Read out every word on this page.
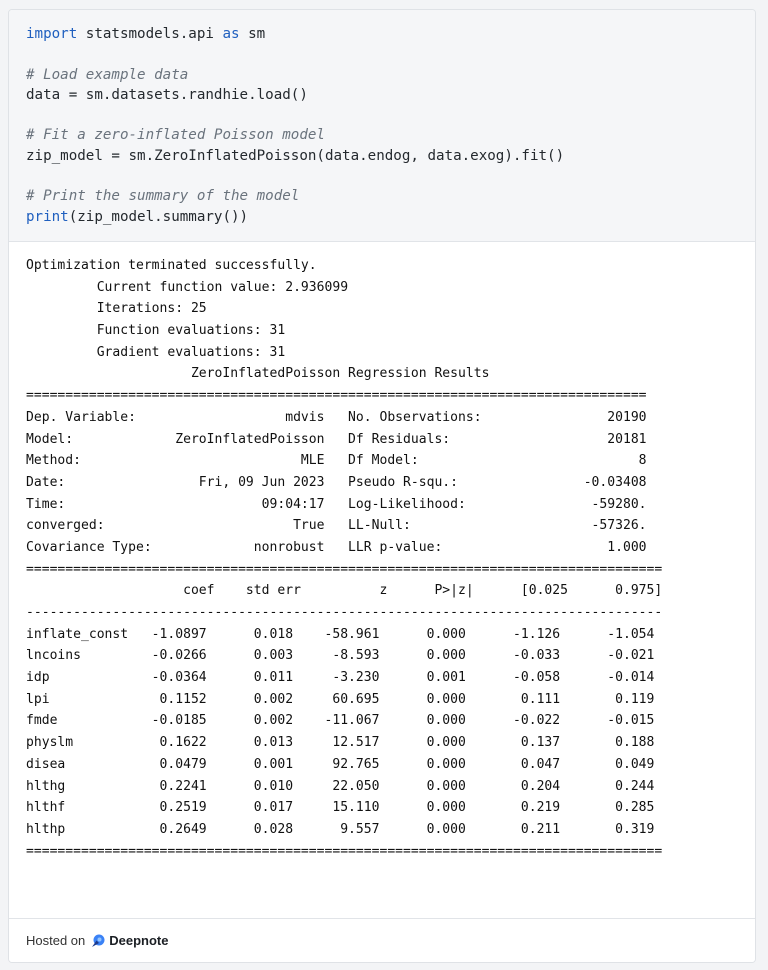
import statsmodels.api as sm
# Load example data
data = sm.datasets.randhie.load()
# Fit a zero-inflated Poisson model
zip_model = sm.ZeroInflatedPoisson(data.endog, data.exog).fit()
# Print the summary of the model
print(zip_model.summary())
Optimization terminated successfully.
Current function value: 2.936099
Iterations: 25
Function evaluations: 31
Gradient evaluations: 31
ZeroInflatedPoisson Regression Results
===============================================================================
Dep. Variable:                   mdvis   No. Observations:                20190
Model:             ZeroInflatedPoisson   Df Residuals:                    20181
Method:                            MLE   Df Model:                            8
Date:                 Fri, 09 Jun 2023   Pseudo R-squ.:                -0.03408
Time:                         09:04:17   Log-Likelihood:                -59280.
converged:                        True   LL-Null:                       -57326.
Covariance Type:             nonrobust   LLR p-value:                     1.000
=================================================================================
coef    std err          z      P>|z|      [0.025      0.975]
---------------------------------------------------------------------------------
inflate_const   -1.0897      0.018    -58.961      0.000      -1.126      -1.054
lncoins         -0.0266      0.003     -8.593      0.000      -0.033      -0.021
idp             -0.0364      0.011     -3.230      0.001      -0.058      -0.014
lpi              0.1152      0.002     60.695      0.000       0.111       0.119
fmde            -0.0185      0.002    -11.067      0.000      -0.022      -0.015
physlm           0.1622      0.013     12.517      0.000       0.137       0.188
disea            0.0479      0.001     92.765      0.000       0.047       0.049
hlthg            0.2241      0.010     22.050      0.000       0.204       0.244
hlthf            0.2519      0.017     15.110      0.000       0.219       0.285
hlthp            0.2649      0.028      9.557      0.000       0.211       0.319
=================================================================================
Hosted on Deepnote
